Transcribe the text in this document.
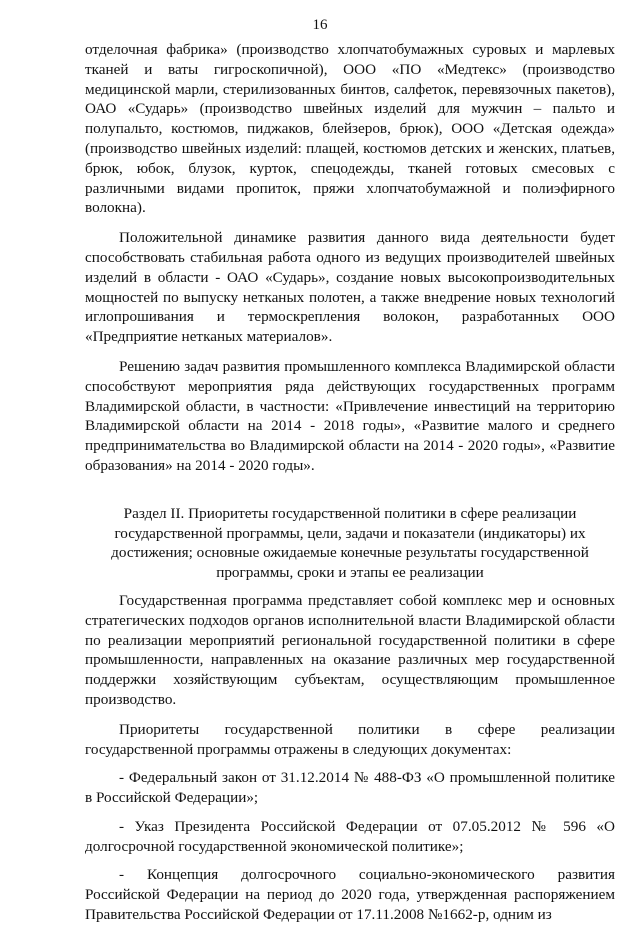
16

отделочная фабрика» (производство хлопчатобумажных суровых и марлевых тканей и ваты гигроскопичной), ООО «ПО «Медтекс» (производство медицинской марли, стерилизованных бинтов, салфеток, перевязочных пакетов), ОАО «Сударь» (производство швейных изделий для мужчин – пальто и полупальто, костюмов, пиджаков, блейзеров, брюк), ООО «Детская одежда» (производство швейных изделий: плащей, костюмов детских и женских, платьев, брюк, юбок, блузок, курток, спецодежды, тканей готовых смесовых с различными видами пропиток, пряжи хлопчатобумажной и полиэфирного волокна).

Положительной динамике развития данного вида деятельности будет способствовать стабильная работа одного из ведущих производителей швейных изделий в области - ОАО «Сударь», создание новых высокопроизводительных мощностей по выпуску нетканых полотен, а также внедрение новых технологий иглопрошивания и термоскрепления волокон, разработанных ООО «Предприятие нетканых материалов».

Решению задач развития промышленного комплекса Владимирской области способствуют мероприятия ряда действующих государственных программ Владимирской области, в частности: «Привлечение инвестиций на территорию Владимирской области на 2014 - 2018 годы», «Развитие малого и среднего предпринимательства во Владимирской области на 2014 - 2020 годы», «Развитие образования» на 2014 - 2020 годы».

Раздел II. Приоритеты государственной политики в сфере реализации государственной программы, цели, задачи и показатели (индикаторы) их достижения; основные ожидаемые конечные результаты государственной программы, сроки и этапы ее реализации

Государственная программа представляет собой комплекс мер и основных стратегических подходов органов исполнительной власти Владимирской области по реализации мероприятий региональной государственной политики в сфере промышленности, направленных на оказание различных мер государственной поддержки хозяйствующим субъектам, осуществляющим промышленное производство.

Приоритеты государственной политики в сфере реализации государственной программы отражены в следующих документах:

- Федеральный закон от 31.12.2014 № 488-ФЗ «О промышленной политике в Российской Федерации»;

- Указ Президента Российской Федерации от 07.05.2012 № 596 «О долгосрочной государственной экономической политике»;

- Концепция долгосрочного социально-экономического развития Российской Федерации на период до 2020 года, утвержденная распоряжением Правительства Российской Федерации от 17.11.2008 №1662-р, одним из
